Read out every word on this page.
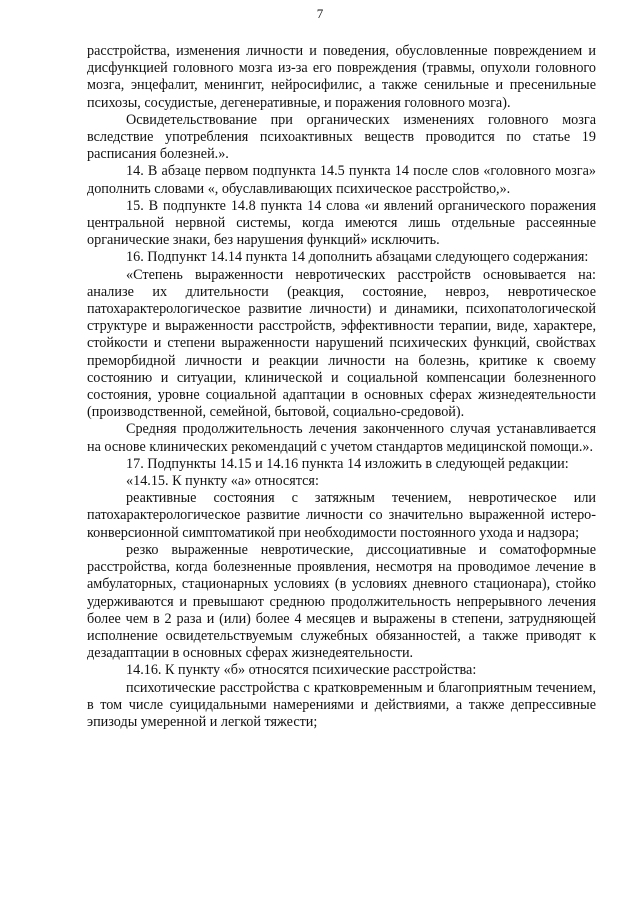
7

расстройства, изменения личности и поведения, обусловленные повреждением и дисфункцией головного мозга из-за его повреждения (травмы, опухоли головного мозга, энцефалит, менингит, нейросифилис, а также сенильные и пресенильные психозы, сосудистые, дегенеративные, и поражения головного мозга).

Освидетельствование при органических изменениях головного мозга вследствие употребления психоактивных веществ проводится по статье 19 расписания болезней.».

14. В абзаце первом подпункта 14.5 пункта 14 после слов «головного мозга» дополнить словами «, обуславливающих психическое расстройство,».

15. В подпункте 14.8 пункта 14 слова «и явлений органического поражения центральной нервной системы, когда имеются лишь отдельные рассеянные органические знаки, без нарушения функций» исключить.

16. Подпункт 14.14 пункта 14 дополнить абзацами следующего содержания:

«Степень выраженности невротических расстройств основывается на: анализе их длительности (реакция, состояние, невроз, невротическое патохарактерологическое развитие личности) и динамики, психопатологической структуре и выраженности расстройств, эффективности терапии, виде, характере, стойкости и степени выраженности нарушений психических функций, свойствах преморбидной личности и реакции личности на болезнь, критике к своему состоянию и ситуации, клинической и социальной компенсации болезненного состояния, уровне социальной адаптации в основных сферах жизнедеятельности (производственной, семейной, бытовой, социально-средовой).

Средняя продолжительность лечения законченного случая устанавливается на основе клинических рекомендаций с учетом стандартов медицинской помощи.».

17. Подпункты 14.15 и 14.16 пункта 14 изложить в следующей редакции:

«14.15. К пункту «а» относятся:

реактивные состояния с затяжным течением, невротическое или патохарактерологическое развитие личности со значительно выраженной истеро-конверсионной симптоматикой при необходимости постоянного ухода и надзора;

резко выраженные невротические, диссоциативные и соматоформные расстройства, когда болезненные проявления, несмотря на проводимое лечение в амбулаторных, стационарных условиях (в условиях дневного стационара), стойко удерживаются и превышают среднюю продолжительность непрерывного лечения более чем в 2 раза и (или) более 4 месяцев и выражены в степени, затрудняющей исполнение освидетельствуемым служебных обязанностей, а также приводят к дезадаптации в основных сферах жизнедеятельности.

14.16. К пункту «б» относятся психические расстройства:

психотические расстройства с кратковременным и благоприятным течением, в том числе суицидальными намерениями и действиями, а также депрессивные эпизоды умеренной и легкой тяжести;
